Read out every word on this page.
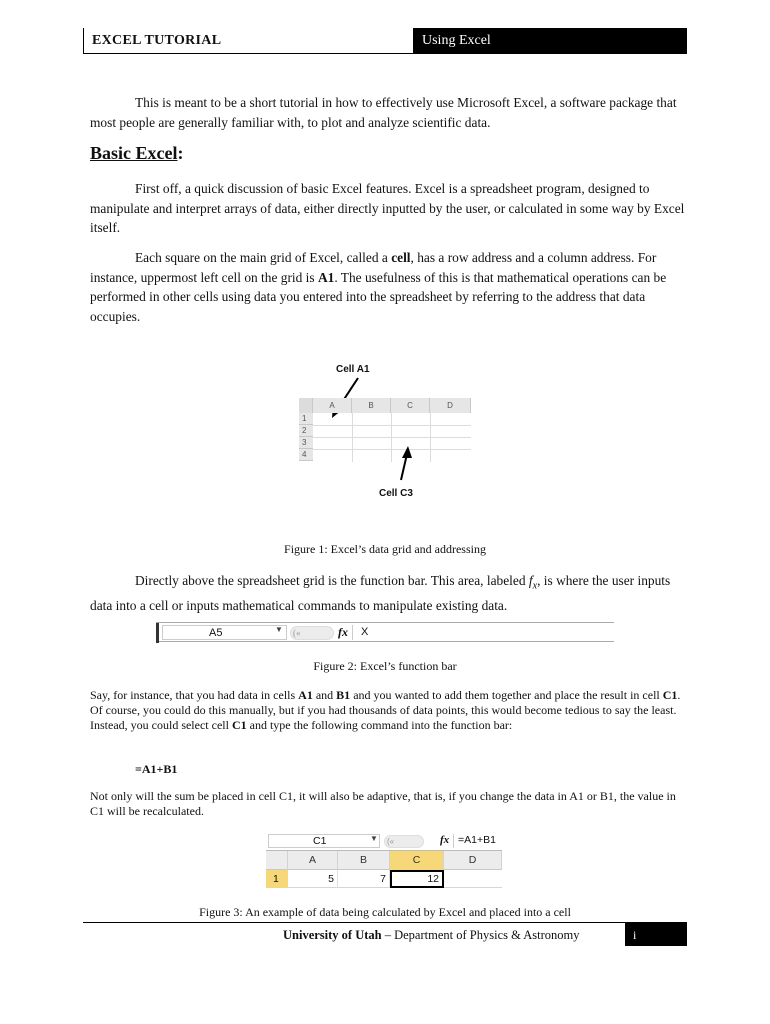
EXCEL TUTORIAL	Using Excel

This is meant to be a short tutorial in how to effectively use Microsoft Excel, a software package that most people are generally familiar with, to plot and analyze scientific data.

Basic Excel:

First off, a quick discussion of basic Excel features. Excel is a spreadsheet program, designed to manipulate and interpret arrays of data, either directly inputted by the user, or calculated in some way by Excel itself.

Each square on the main grid of Excel, called a cell, has a row address and a column address. For instance, uppermost left cell on the grid is A1. The usefulness of this is that mathematical operations can be performed in other cells using data you entered into the spreadsheet by referring to the address that data occupies.

Cell A1
A	B	C	D
1
2
3
4
Cell C3

Figure 1: Excel’s data grid and addressing

Directly above the spreadsheet grid is the function bar. This area, labeled $f_x$, is where the user inputs data into a cell or inputs mathematical commands to manipulate existing data.

A5	▼	(«	fx	X

Figure 2: Excel’s function bar

Say, for instance, that you had data in cells A1 and B1 and you wanted to add them together and place the result in cell C1. Of course, you could do this manually, but if you had thousands of data points, this would become tedious to say the least. Instead, you could select cell C1 and type the following command into the function bar:

=A1+B1

Not only will the sum be placed in cell C1, it will also be adaptive, that is, if you change the data in A1 or B1, the value in C1 will be recalculated.

C1	▼	(«	fx =A1+B1
A	B	C	D
1	5	7	12

Figure 3: An example of data being calculated by Excel and placed into a cell

University of Utah – Department of Physics & Astronomy	i
